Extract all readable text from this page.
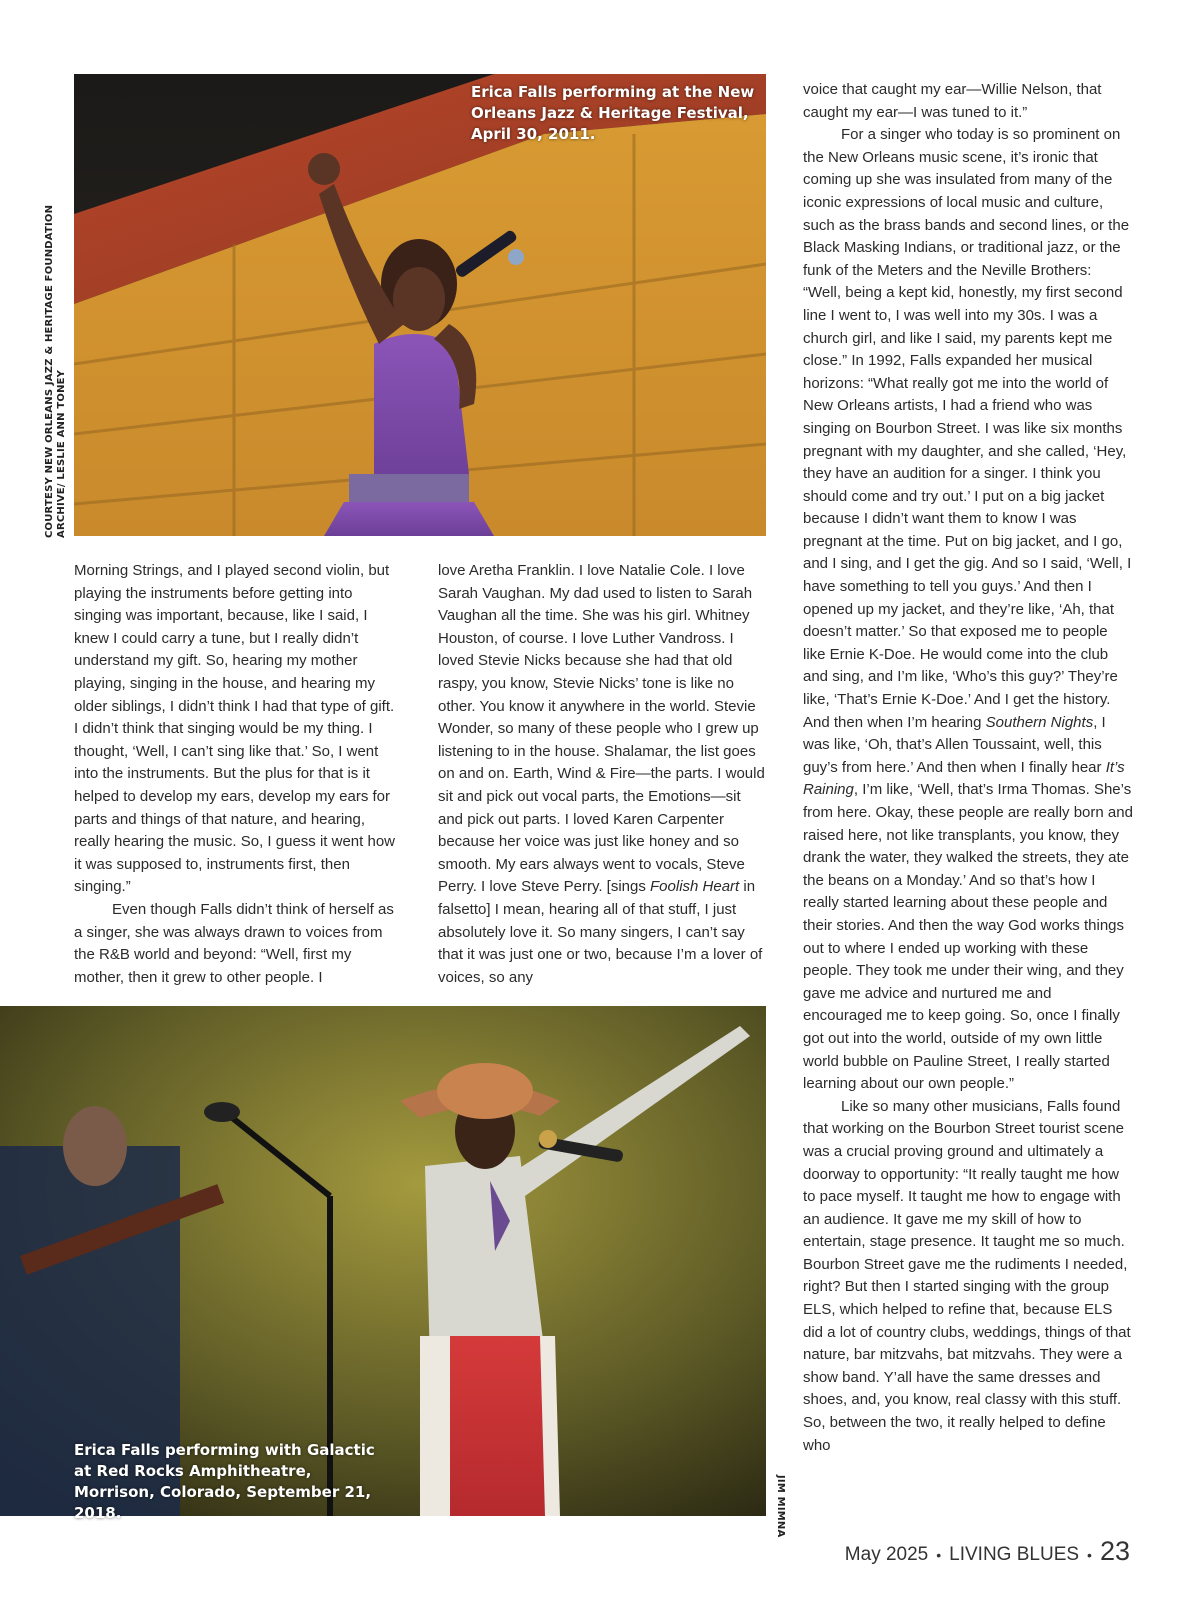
Erica Falls performing at the New Orleans Jazz & Heritage Festival, April 30, 2011.
COURTESY NEW ORLEANS JAZZ & HERITAGE FOUNDATION ARCHIVE/ LESLIE ANN TONEY

Morning Strings, and I played second violin, but playing the instruments before getting into singing was important, because, like I said, I knew I could carry a tune, but I really didn’t understand my gift. So, hearing my mother playing, singing in the house, and hearing my older siblings, I didn’t think I had that type of gift. I didn’t think that singing would be my thing. I thought, ‘Well, I can’t sing like that.’ So, I went into the instruments. But the plus for that is it helped to develop my ears, develop my ears for parts and things of that nature, and hearing, really hearing the music. So, I guess it went how it was supposed to, instruments first, then singing.”

Even though Falls didn’t think of herself as a singer, she was always drawn to voices from the R&B world and beyond: “Well, first my mother, then it grew to other people. I

love Aretha Franklin. I love Natalie Cole. I love Sarah Vaughan. My dad used to listen to Sarah Vaughan all the time. She was his girl. Whitney Houston, of course. I love Luther Vandross. I loved Stevie Nicks because she had that old raspy, you know, Stevie Nicks’ tone is like no other. You know it anywhere in the world. Stevie Wonder, so many of these people who I grew up listening to in the house. Shalamar, the list goes on and on. Earth, Wind & Fire—the parts. I would sit and pick out vocal parts, the Emotions—sit and pick out parts. I loved Karen Carpenter because her voice was just like honey and so smooth. My ears always went to vocals, Steve Perry. I love Steve Perry. [sings Foolish Heart in falsetto] I mean, hearing all of that stuff, I just absolutely love it. So many singers, I can’t say that it was just one or two, because I’m a lover of voices, so any

voice that caught my ear—Willie Nelson, that caught my ear—I was tuned to it.”

For a singer who today is so prominent on the New Orleans music scene, it’s ironic that coming up she was insulated from many of the iconic expressions of local music and culture, such as the brass bands and second lines, or the Black Masking Indians, or traditional jazz, or the funk of the Meters and the Neville Brothers: “Well, being a kept kid, honestly, my first second line I went to, I was well into my 30s. I was a church girl, and like I said, my parents kept me close.” In 1992, Falls expanded her musical horizons: “What really got me into the world of New Orleans artists, I had a friend who was singing on Bourbon Street. I was like six months pregnant with my daughter, and she called, ‘Hey, they have an audition for a singer. I think you should come and try out.’ I put on a big jacket because I didn’t want them to know I was pregnant at the time. Put on big jacket, and I go, and I sing, and I get the gig. And so I said, ‘Well, I have something to tell you guys.’ And then I opened up my jacket, and they’re like, ‘Ah, that doesn’t matter.’ So that exposed me to people like Ernie K-Doe. He would come into the club and sing, and I’m like, ‘Who’s this guy?’ They’re like, ‘That’s Ernie K-Doe.’ And I get the history. And then when I’m hearing Southern Nights, I was like, ‘Oh, that’s Allen Toussaint, well, this guy’s from here.’ And then when I finally hear It’s Raining, I’m like, ‘Well, that’s Irma Thomas. She’s from here. Okay, these people are really born and raised here, not like transplants, you know, they drank the water, they walked the streets, they ate the beans on a Monday.’ And so that’s how I really started learning about these people and their stories. And then the way God works things out to where I ended up working with these people. They took me under their wing, and they gave me advice and nurtured me and encouraged me to keep going. So, once I finally got out into the world, outside of my own little world bubble on Pauline Street, I really started learning about our own people.”

Like so many other musicians, Falls found that working on the Bourbon Street tourist scene was a crucial proving ground and ultimately a doorway to opportunity: “It really taught me how to pace myself. It taught me how to engage with an audience. It gave me my skill of how to entertain, stage presence. It taught me so much. Bourbon Street gave me the rudiments I needed, right? But then I started singing with the group ELS, which helped to refine that, because ELS did a lot of country clubs, weddings, things of that nature, bar mitzvahs, bat mitzvahs. They were a show band. Y’all have the same dresses and shoes, and, you know, real classy with this stuff. So, between the two, it really helped to define who

Erica Falls performing with Galactic at Red Rocks Amphitheatre, Morrison, Colorado, September 21, 2018.	JIM MIMNA
May 2025 • LIVING BLUES • 23
